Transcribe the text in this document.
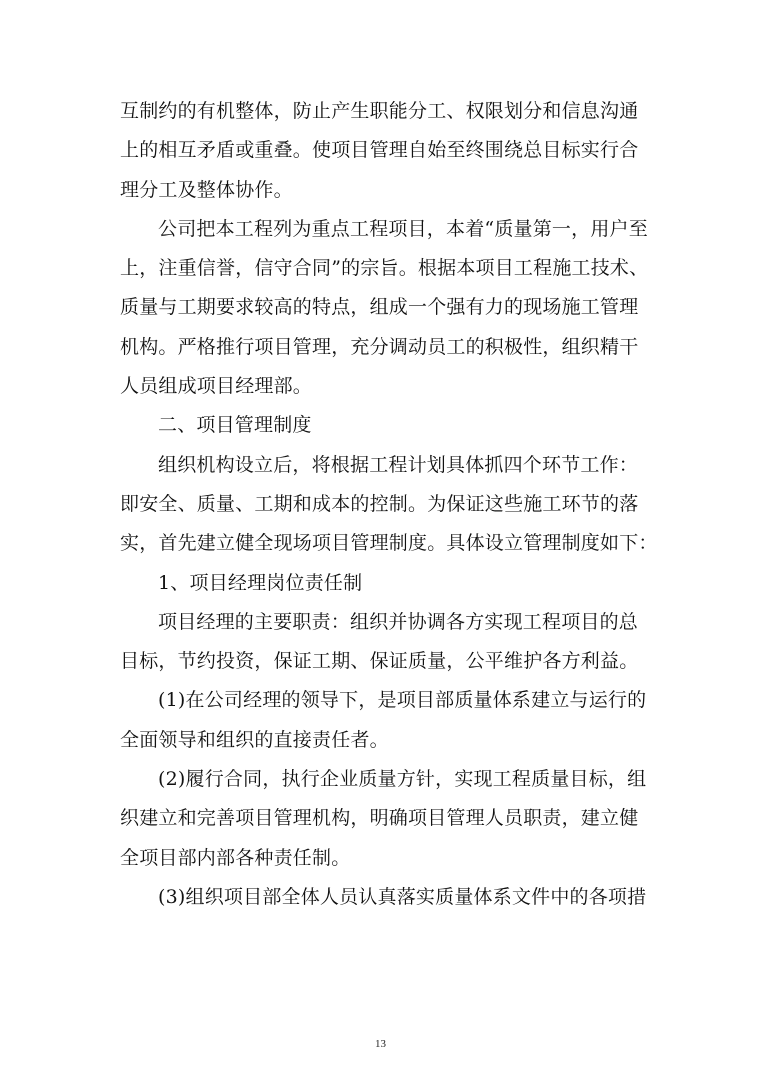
互制约的有机整体，防止产生职能分工、权限划分和信息沟通
上的相互矛盾或重叠。使项目管理自始至终围绕总目标实行合
理分工及整体协作。
公司把本工程列为重点工程项目，本着“质量第一，用户至
上，注重信誉，信守合同”的宗旨。根据本项目工程施工技术、
质量与工期要求较高的特点，组成一个强有力的现场施工管理
机构。严格推行项目管理，充分调动员工的积极性，组织精干
人员组成项目经理部。
二、项目管理制度
组织机构设立后，将根据工程计划具体抓四个环节工作：
即安全、质量、工期和成本的控制。为保证这些施工环节的落
实，首先建立健全现场项目管理制度。具体设立管理制度如下：
1、项目经理岗位责任制
项目经理的主要职责：组织并协调各方实现工程项目的总
目标，节约投资，保证工期、保证质量，公平维护各方利益。
(1)在公司经理的领导下，是项目部质量体系建立与运行的
全面领导和组织的直接责任者。
(2)履行合同，执行企业质量方针，实现工程质量目标，组
织建立和完善项目管理机构，明确项目管理人员职责，建立健
全项目部内部各种责任制。
(3)组织项目部全体人员认真落实质量体系文件中的各项措
13
